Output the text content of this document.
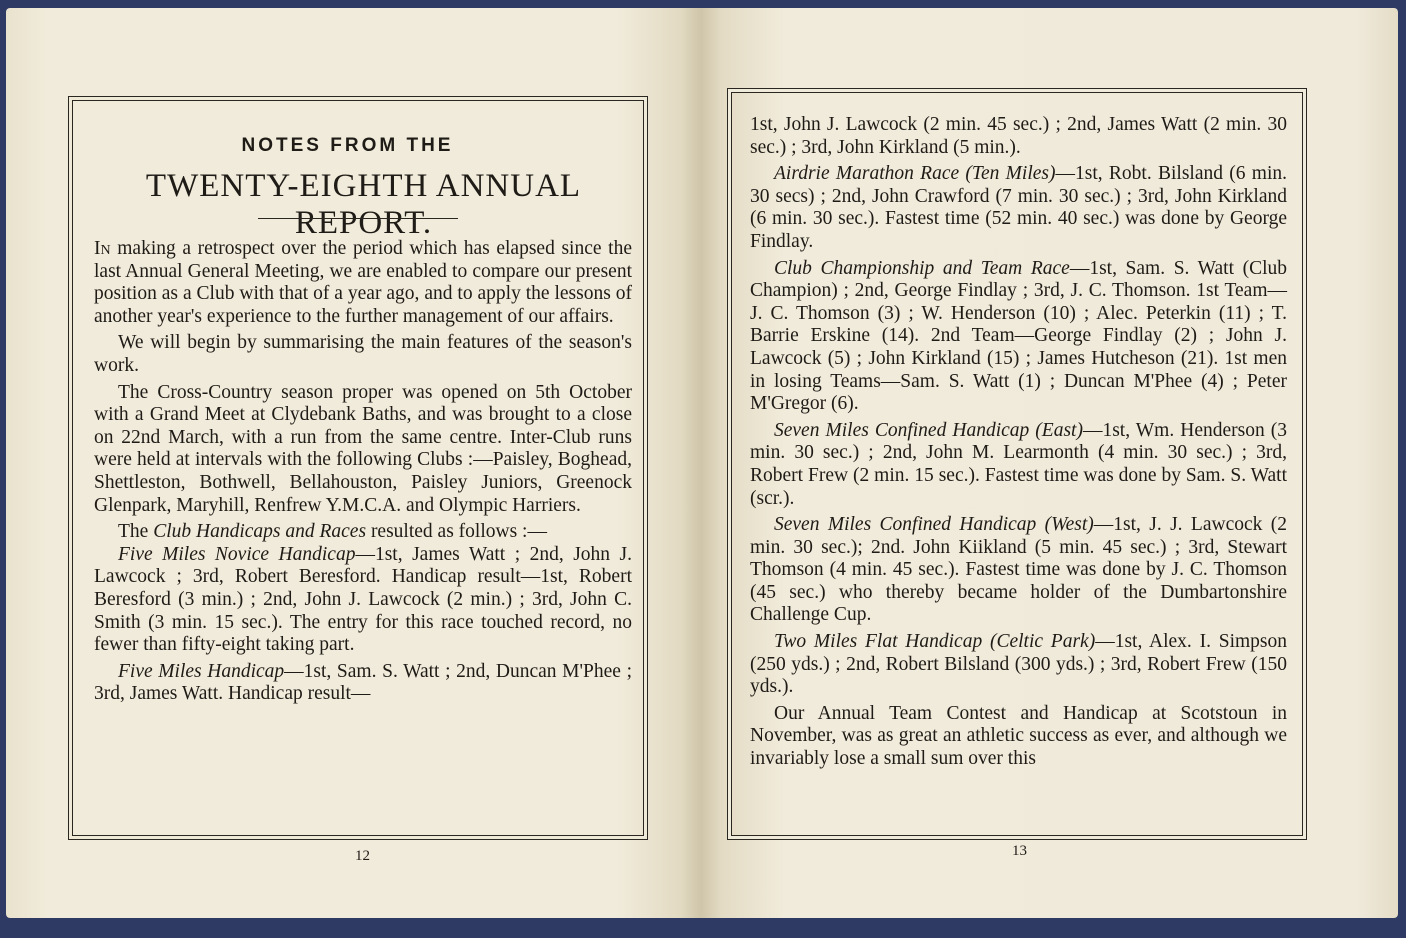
NOTES FROM THE
TWENTY-EIGHTH ANNUAL REPORT.

In making a retrospect over the period which has elapsed since the last Annual General Meeting, we are enabled to compare our present position as a Club with that of a year ago, and to apply the lessons of another year's experience to the further management of our affairs.

We will begin by summarising the main features of the season's work.

The Cross-Country season proper was opened on 5th October with a Grand Meet at Clydebank Baths, and was brought to a close on 22nd March, with a run from the same centre. Inter-Club runs were held at intervals with the following Clubs :—Paisley, Boghead, Shettleston, Bothwell, Bellahouston, Paisley Juniors, Greenock Glenpark, Maryhill, Renfrew Y.M.C.A. and Olympic Harriers.

The Club Handicaps and Races resulted as follows :—

Five Miles Novice Handicap—1st, James Watt ; 2nd, John J. Lawcock ; 3rd, Robert Beresford. Handicap result—1st, Robert Beresford (3 min.) ; 2nd, John J. Lawcock (2 min.) ; 3rd, John C. Smith (3 min. 15 sec.). The entry for this race touched record, no fewer than fifty-eight taking part.

Five Miles Handicap—1st, Sam. S. Watt ; 2nd, Duncan M'Phee ; 3rd, James Watt. Handicap result—

1st, John J. Lawcock (2 min. 45 sec.) ; 2nd, James Watt (2 min. 30 sec.) ; 3rd, John Kirkland (5 min.).

Airdrie Marathon Race (Ten Miles)—1st, Robt. Bilsland (6 min. 30 secs) ; 2nd, John Crawford (7 min. 30 sec.) ; 3rd, John Kirkland (6 min. 30 sec.). Fastest time (52 min. 40 sec.) was done by George Findlay.

Club Championship and Team Race—1st, Sam. S. Watt (Club Champion) ; 2nd, George Findlay ; 3rd, J. C. Thomson. 1st Team—J. C. Thomson (3) ; W. Henderson (10) ; Alec. Peterkin (11) ; T. Barrie Erskine (14). 2nd Team—George Findlay (2) ; John J. Lawcock (5) ; John Kirkland (15) ; James Hutcheson (21). 1st men in losing Teams—Sam. S. Watt (1) ; Duncan M'Phee (4) ; Peter M'Gregor (6).

Seven Miles Confined Handicap (East)—1st, Wm. Henderson (3 min. 30 sec.) ; 2nd, John M. Learmonth (4 min. 30 sec.) ; 3rd, Robert Frew (2 min. 15 sec.). Fastest time was done by Sam. S. Watt (scr.).

Seven Miles Confined Handicap (West)—1st, J. J. Lawcock (2 min. 30 sec.); 2nd. John Kiikland (5 min. 45 sec.) ; 3rd, Stewart Thomson (4 min. 45 sec.). Fastest time was done by J. C. Thomson (45 sec.) who thereby became holder of the Dumbartonshire Challenge Cup.

Two Miles Flat Handicap (Celtic Park)—1st, Alex. I. Simpson (250 yds.) ; 2nd, Robert Bilsland (300 yds.) ; 3rd, Robert Frew (150 yds.).

Our Annual Team Contest and Handicap at Scotstoun in November, was as great an athletic success as ever, and although we invariably lose a small sum over this

12	13
